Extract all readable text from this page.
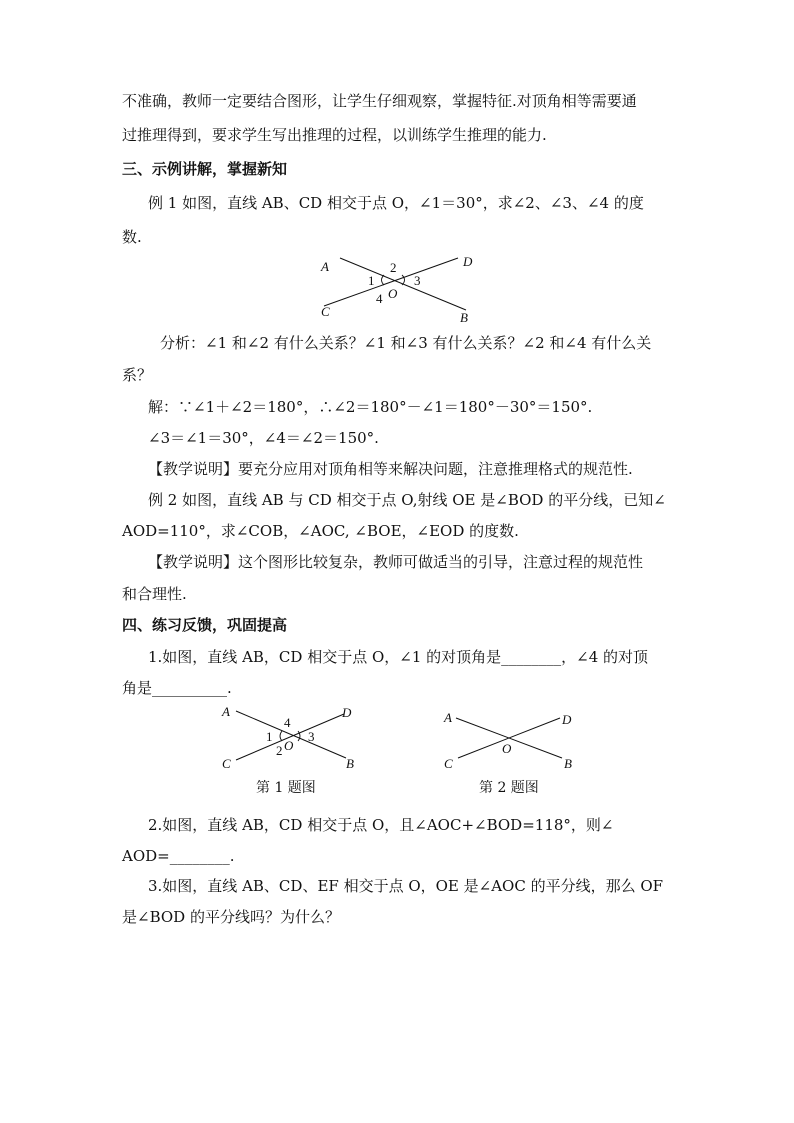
不准确，教师一定要结合图形，让学生仔细观察，掌握特征.对顶角相等需要通
过推理得到，要求学生写出推理的过程，以训练学生推理的能力.
三、示例讲解，掌握新知
例 1 如图，直线 AB、CD 相交于点 O，∠1＝30°，求∠2、∠3、∠4 的度
数.
分析：∠1 和∠2 有什么关系？∠1 和∠3 有什么关系？∠2 和∠4 有什么关
系？
解：∵∠1＋∠2＝180°，∴∠2＝180°－∠1＝180°－30°＝150°.
∠3＝∠1＝30°，∠4＝∠2＝150°.
【教学说明】要充分应用对顶角相等来解决问题，注意推理格式的规范性.
例 2 如图，直线 AB 与 CD 相交于点 O,射线 OE 是∠BOD 的平分线，已知∠
AOD=110°，求∠COB，∠AOC, ∠BOE，∠EOD 的度数.
【教学说明】这个图形比较复杂，教师可做适当的引导，注意过程的规范性
和合理性.
四、练习反馈，巩固提高
1.如图，直线 AB，CD 相交于点 O，∠1 的对顶角是________，∠4 的对顶
角是__________.
2.如图，直线 AB，CD 相交于点 O，且∠AOC+∠BOD=118°，则∠
AOD=________.
3.如图，直线 AB、CD、EF 相交于点 O，OE 是∠AOC 的平分线，那么 OF
是∠BOD 的平分线吗？为什么？
A	D
C	B
O
1
2
3
4
A	D
C	B
O
1
2
3
4
第 1 题图
A	D
C	B
O
第 2 题图
